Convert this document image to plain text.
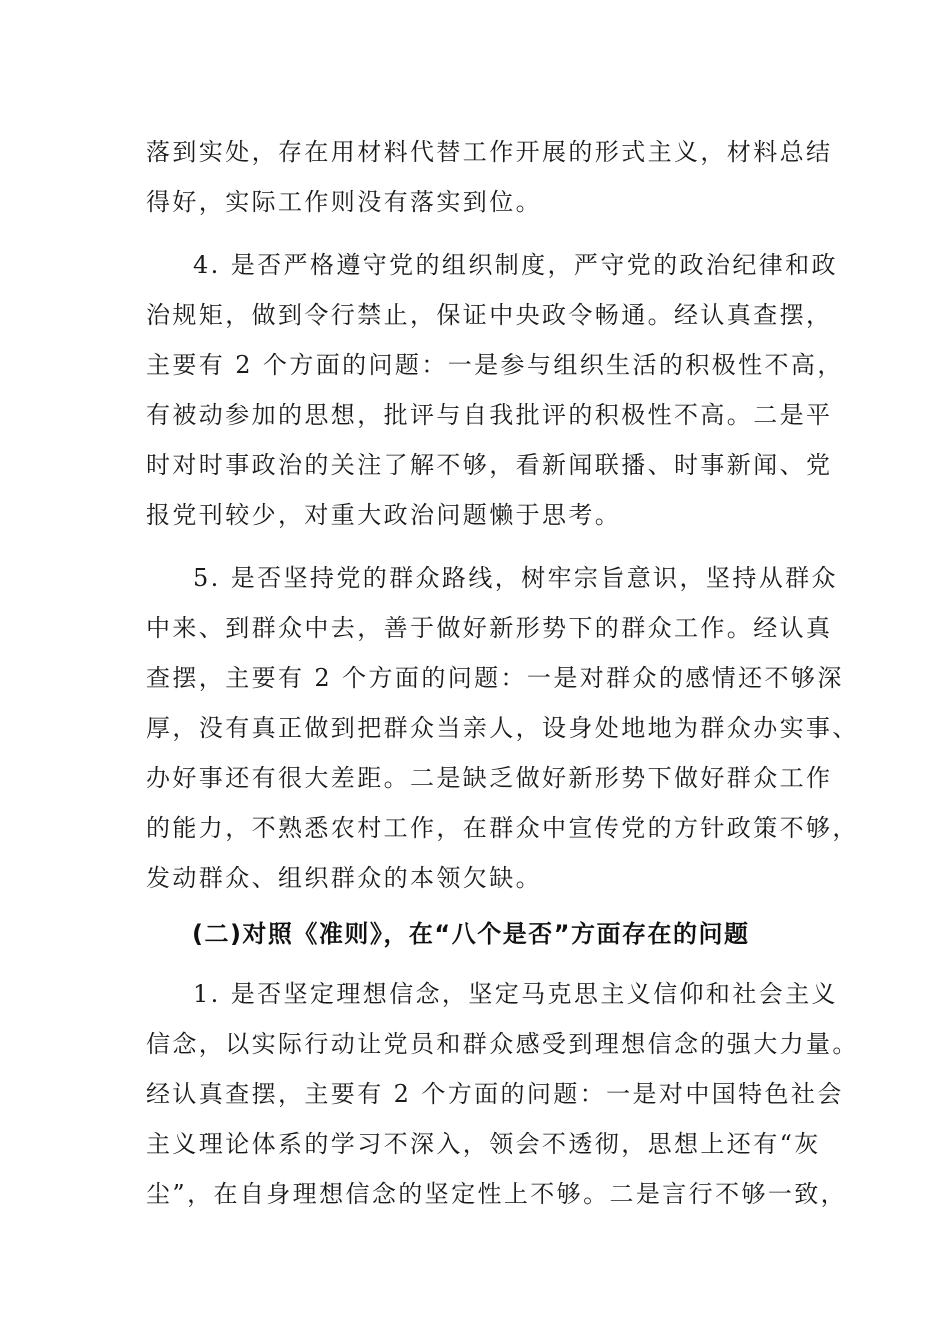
落到实处，存在用材料代替工作开展的形式主义，材料总结
得好，实际工作则没有落实到位。
4. 是否严格遵守党的组织制度，严守党的政治纪律和政
治规矩，做到令行禁止，保证中央政令畅通。经认真查摆，
主要有 2 个方面的问题：一是参与组织生活的积极性不高，
有被动参加的思想，批评与自我批评的积极性不高。二是平
时对时事政治的关注了解不够，看新闻联播、时事新闻、党
报党刊较少，对重大政治问题懒于思考。
5. 是否坚持党的群众路线，树牢宗旨意识，坚持从群众
中来、到群众中去，善于做好新形势下的群众工作。经认真
查摆，主要有 2 个方面的问题：一是对群众的感情还不够深
厚，没有真正做到把群众当亲人，设身处地地为群众办实事、
办好事还有很大差距。二是缺乏做好新形势下做好群众工作
的能力，不熟悉农村工作，在群众中宣传党的方针政策不够，
发动群众、组织群众的本领欠缺。
(二)对照《准则》，在“八个是否”方面存在的问题
1. 是否坚定理想信念，坚定马克思主义信仰和社会主义
信念，以实际行动让党员和群众感受到理想信念的强大力量。
经认真查摆，主要有 2 个方面的问题：一是对中国特色社会
主义理论体系的学习不深入，领会不透彻，思想上还有“灰
尘”，在自身理想信念的坚定性上不够。二是言行不够一致，
